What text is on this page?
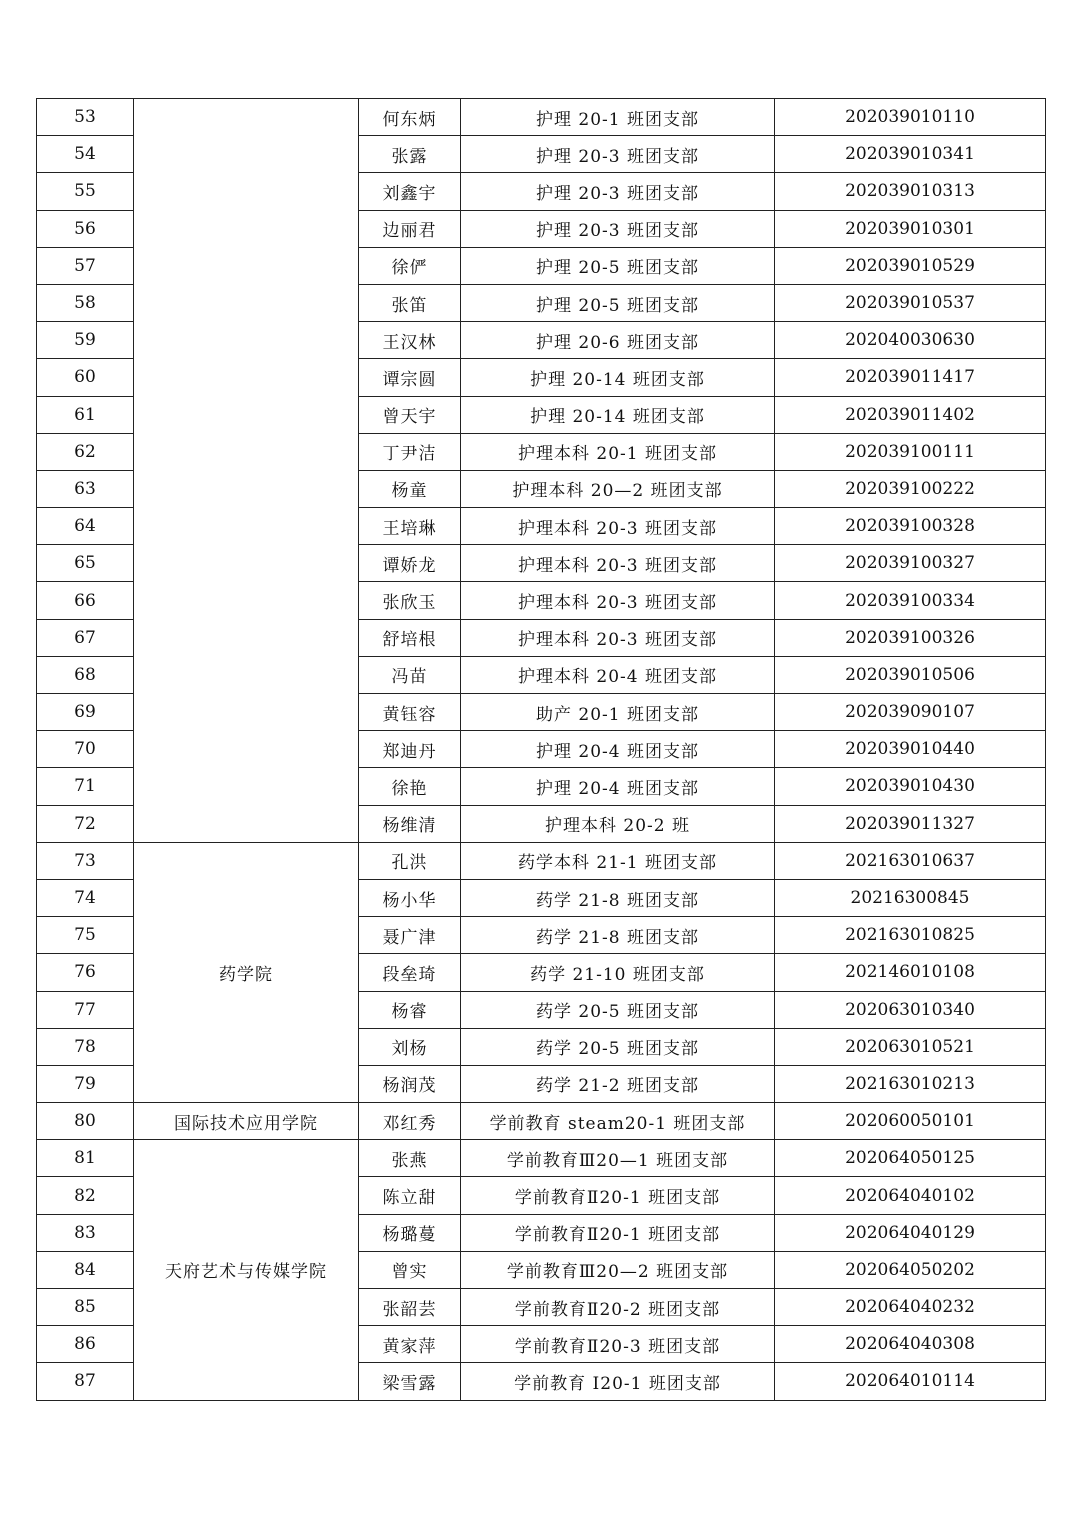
53		何东炳	护理 20-1 班团支部	202039010110
54		张露	护理 20-3 班团支部	202039010341
55		刘鑫宇	护理 20-3 班团支部	202039010313
56		边丽君	护理 20-3 班团支部	202039010301
57		徐俨	护理 20-5 班团支部	202039010529
58		张笛	护理 20-5 班团支部	202039010537
59		王汉林	护理 20-6 班团支部	202040030630
60		谭宗圆	护理 20-14 班团支部	202039011417
61		曾天宇	护理 20-14 班团支部	202039011402
62		丁尹洁	护理本科 20-1 班团支部	202039100111
63		杨童	护理本科 20—2 班团支部	202039100222
64		王培琳	护理本科 20-3 班团支部	202039100328
65		谭娇龙	护理本科 20-3 班团支部	202039100327
66		张欣玉	护理本科 20-3 班团支部	202039100334
67		舒培根	护理本科 20-3 班团支部	202039100326
68		冯苗	护理本科 20-4 班团支部	202039010506
69		黄钰容	助产 20-1 班团支部	202039090107
70		郑迪丹	护理 20-4 班团支部	202039010440
71		徐艳	护理 20-4 班团支部	202039010430
72		杨维清	护理本科 20-2 班	202039011327
73	药学院	孔洪	药学本科 21-1 班团支部	202163010637
74		杨小华	药学 21-8 班团支部	20216300845
75		聂广津	药学 21-8 班团支部	202163010825
76		段垒琦	药学 21-10 班团支部	202146010108
77		杨睿	药学 20-5 班团支部	202063010340
78		刘杨	药学 20-5 班团支部	202063010521
79		杨润茂	药学 21-2 班团支部	202163010213
80	国际技术应用学院	邓红秀	学前教育 steam20-1 班团支部	202060050101
81	天府艺术与传媒学院	张燕	学前教育Ⅲ20—1 班团支部	202064050125
82		陈立甜	学前教育Ⅱ20-1 班团支部	202064040102
83		杨璐蔓	学前教育Ⅱ20-1 班团支部	202064040129
84		曾实	学前教育Ⅲ20—2 班团支部	202064050202
85		张韶芸	学前教育Ⅱ20-2 班团支部	202064040232
86		黄家萍	学前教育Ⅱ20-3 班团支部	202064040308
87		梁雪露	学前教育 I20-1 班团支部	202064010114
